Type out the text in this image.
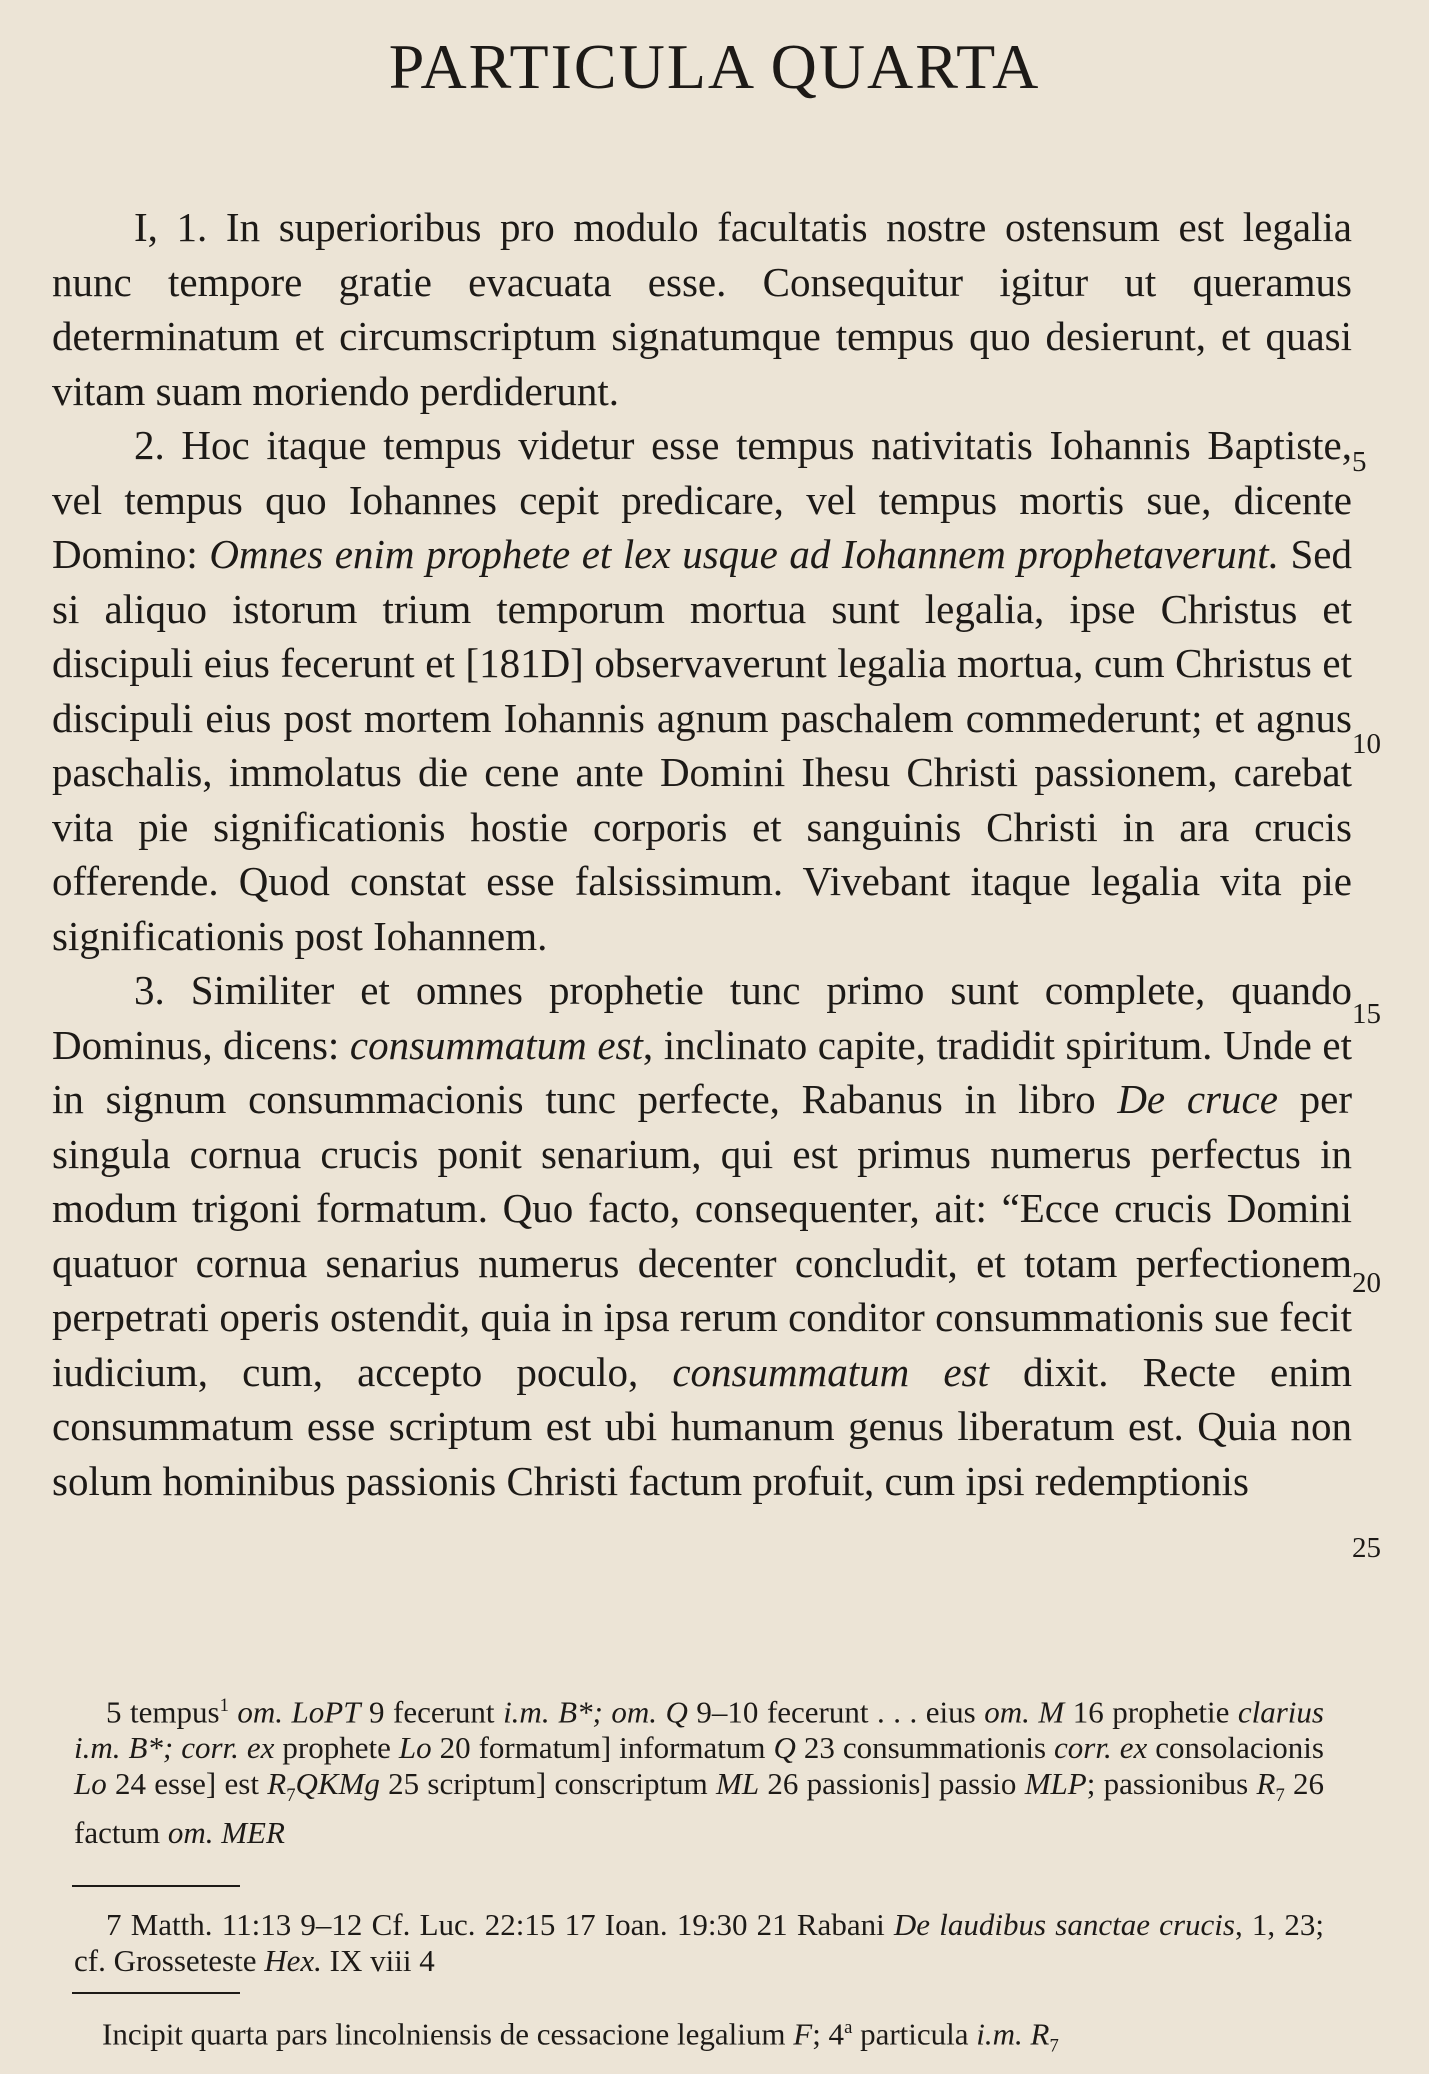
PARTICULA QUARTA

I, 1. In superioribus pro modulo facultatis nostre ostensum est legalia nunc tempore gratie evacuata esse. Consequitur igitur ut queramus determinatum et circumscriptum signatumque tempus quo desierunt, et quasi vitam suam moriendo perdiderunt.

2. Hoc itaque tempus videtur esse tempus nativitatis Iohannis Baptiste, vel tempus quo Iohannes cepit predicare, vel tempus mortis sue, dicente Domino: Omnes enim prophete et lex usque ad Iohannem prophetaverunt. Sed si aliquo istorum trium temporum mortua sunt legalia, ipse Christus et discipuli eius fecerunt et [181D] observaverunt legalia mortua, cum Christus et discipuli eius post mortem Iohannis agnum paschalem commederunt; et agnus paschalis, immolatus die cene ante Domini Ihesu Christi passionem, carebat vita pie significationis hostie corporis et sanguinis Christi in ara crucis offerende. Quod constat esse falsissimum. Vivebant itaque legalia vita pie significationis post Iohannem.

3. Similiter et omnes prophetie tunc primo sunt complete, quando Dominus, dicens: consummatum est, inclinato capite, tradidit spiritum. Unde et in signum consummacionis tunc perfecte, Rabanus in libro De cruce per singula cornua crucis ponit senarium, qui est primus numerus perfectus in modum trigoni formatum. Quo facto, consequenter, ait: “Ecce crucis Domini quatuor cornua senarius numerus decenter concludit, et totam perfectionem perpetrati operis ostendit, quia in ipsa rerum conditor consummationis sue fecit iudicium, cum, accepto poculo, consummatum est dixit. Recte enim consummatum esse scriptum est ubi humanum genus liberatum est. Quia non solum hominibus passionis Christi factum profuit, cum ipsi redemptionis

5
10
15
20
25
5 tempus$^1$ om. LoPT 9 fecerunt i.m. B*; om. Q 9–10 fecerunt . . . eius om. M 16 prophetie clarius i.m. B*; corr. ex prophete Lo 20 formatum] informatum Q 23 consummationis corr. ex consolacionis Lo 24 esse] est $R_7QKMg$ 25 scriptum] conscriptum ML 26 passionis] passio MLP; passionibus $R_7$ 26 factum om. MER
7 Matth. 11:13 9–12 Cf. Luc. 22:15 17 Ioan. 19:30 21 Rabani De laudibus sanctae crucis, 1, 23; cf. Grosseteste Hex. IX viii 4
Incipit quarta pars lincolniensis de cessacione legalium F; 4$^a$ particula i.m. $R_7$
